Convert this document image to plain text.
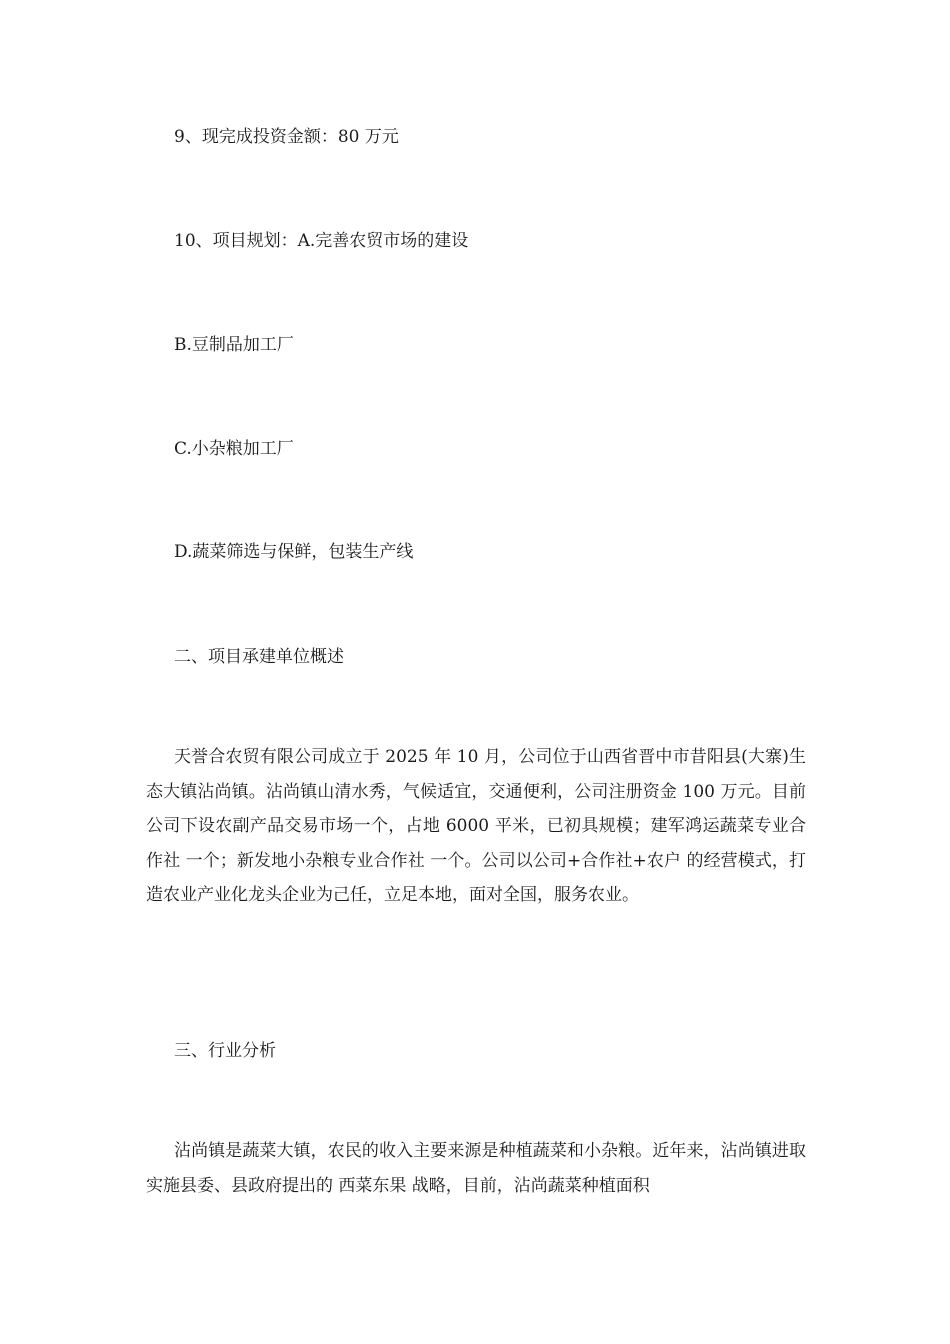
9、现完成投资金额：80 万元
10、项目规划：A.完善农贸市场的建设
B.豆制品加工厂
C.小杂粮加工厂
D.蔬菜筛选与保鲜，包装生产线
二、项目承建单位概述
天誉合农贸有限公司成立于 2025 年 10 月，公司位于山西省晋中市昔阳县(大寨)生态大镇沾尚镇。沾尚镇山清水秀，气候适宜，交通便利，公司注册资金 100 万元。目前公司下设农副产品交易市场一个，占地 6000 平米，已初具规模；建军鸿运蔬菜专业合作社 一个；新发地小杂粮专业合作社 一个。公司以公司+合作社+农户 的经营模式，打造农业产业化龙头企业为己任，立足本地，面对全国，服务农业。
三、行业分析
沾尚镇是蔬菜大镇，农民的收入主要来源是种植蔬菜和小杂粮。近年来，沾尚镇进取实施县委、县政府提出的 西菜东果 战略，目前，沾尚蔬菜种植面积
